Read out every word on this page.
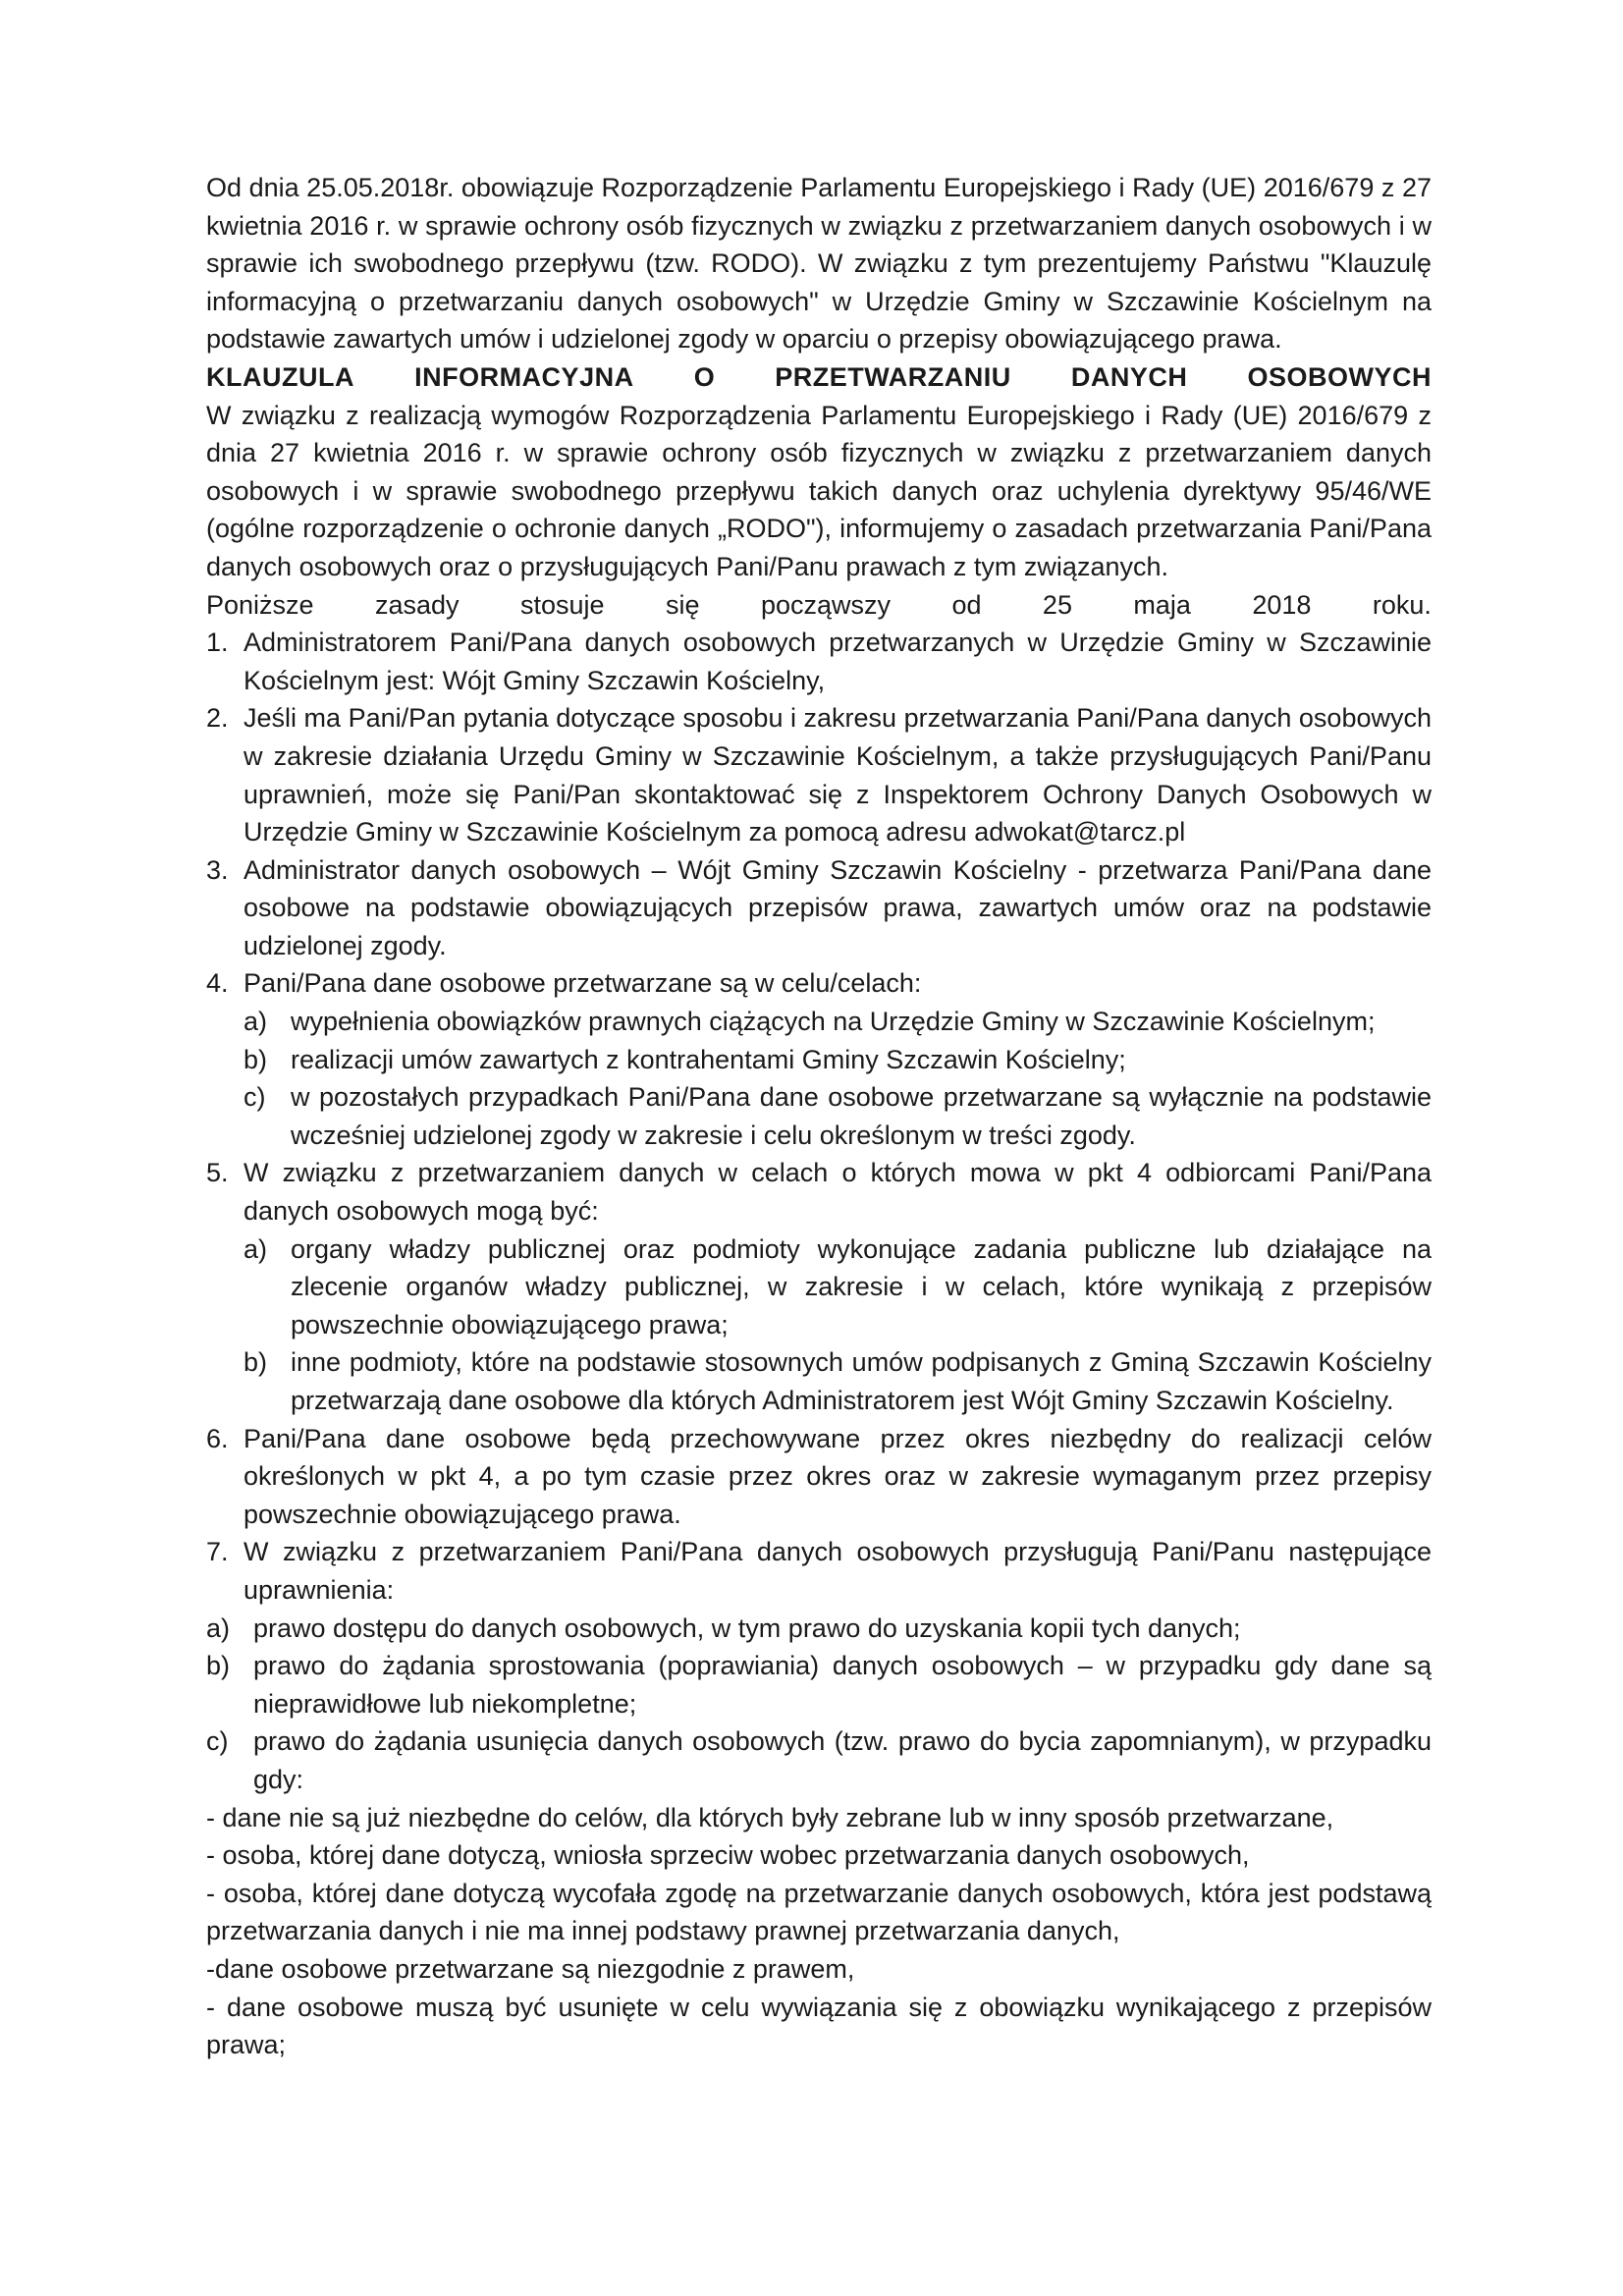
Od dnia 25.05.2018r. obowiązuje Rozporządzenie Parlamentu Europejskiego i Rady (UE) 2016/679 z 27 kwietnia 2016 r. w sprawie ochrony osób fizycznych w związku z przetwarzaniem danych osobowych i w sprawie ich swobodnego przepływu (tzw. RODO). W związku z tym prezentujemy Państwu "Klauzulę informacyjną o przetwarzaniu danych osobowych" w Urzędzie Gminy w Szczawinie Kościelnym na podstawie zawartych umów i udzielonej zgody w oparciu o przepisy obowiązującego prawa.

KLAUZULA INFORMACYJNA O PRZETWARZANIU DANYCH OSOBOWYCH

W związku z realizacją wymogów Rozporządzenia Parlamentu Europejskiego i Rady (UE) 2016/679 z dnia 27 kwietnia 2016 r. w sprawie ochrony osób fizycznych w związku z przetwarzaniem danych osobowych i w sprawie swobodnego przepływu takich danych oraz uchylenia dyrektywy 95/46/WE (ogólne rozporządzenie o ochronie danych „RODO"), informujemy o zasadach przetwarzania Pani/Pana danych osobowych oraz o przysługujących Pani/Panu prawach z tym związanych.

Poniższe zasady stosuje się począwszy od 25 maja 2018 roku.
1. Administratorem Pani/Pana danych osobowych przetwarzanych w Urzędzie Gminy w Szczawinie Kościelnym jest: Wójt Gminy Szczawin Kościelny,
2. Jeśli ma Pani/Pan pytania dotyczące sposobu i zakresu przetwarzania Pani/Pana danych osobowych w zakresie działania Urzędu Gminy w Szczawinie Kościelnym, a także przysługujących Pani/Panu uprawnień, może się Pani/Pan skontaktować się z Inspektorem Ochrony Danych Osobowych w Urzędzie Gminy w Szczawinie Kościelnym za pomocą adresu adwokat@tarcz.pl
3. Administrator danych osobowych – Wójt Gminy Szczawin Kościelny - przetwarza Pani/Pana dane osobowe na podstawie obowiązujących przepisów prawa, zawartych umów oraz na podstawie udzielonej zgody.
4. Pani/Pana dane osobowe przetwarzane są w celu/celach:
a) wypełnienia obowiązków prawnych ciążących na Urzędzie Gminy w Szczawinie Kościelnym;
b) realizacji umów zawartych z kontrahentami Gminy Szczawin Kościelny;
c) w pozostałych przypadkach Pani/Pana dane osobowe przetwarzane są wyłącznie na podstawie wcześniej udzielonej zgody w zakresie i celu określonym w treści zgody.
5. W związku z przetwarzaniem danych w celach o których mowa w pkt 4 odbiorcami Pani/Pana danych osobowych mogą być:
a) organy władzy publicznej oraz podmioty wykonujące zadania publiczne lub działające na zlecenie organów władzy publicznej, w zakresie i w celach, które wynikają z przepisów powszechnie obowiązującego prawa;
b) inne podmioty, które na podstawie stosownych umów podpisanych z Gminą Szczawin Kościelny przetwarzają dane osobowe dla których Administratorem jest Wójt Gminy Szczawin Kościelny.
6. Pani/Pana dane osobowe będą przechowywane przez okres niezbędny do realizacji celów określonych w pkt 4, a po tym czasie przez okres oraz w zakresie wymaganym przez przepisy powszechnie obowiązującego prawa.
7. W związku z przetwarzaniem Pani/Pana danych osobowych przysługują Pani/Panu następujące uprawnienia:
a) prawo dostępu do danych osobowych, w tym prawo do uzyskania kopii tych danych;
b) prawo do żądania sprostowania (poprawiania) danych osobowych – w przypadku gdy dane są nieprawidłowe lub niekompletne;
c) prawo do żądania usunięcia danych osobowych (tzw. prawo do bycia zapomnianym), w przypadku gdy:

- dane nie są już niezbędne do celów, dla których były zebrane lub w inny sposób przetwarzane,

- osoba, której dane dotyczą, wniosła sprzeciw wobec przetwarzania danych osobowych,

- osoba, której dane dotyczą wycofała zgodę na przetwarzanie danych osobowych, która jest podstawą przetwarzania danych i nie ma innej podstawy prawnej przetwarzania danych,

-dane osobowe przetwarzane są niezgodnie z prawem,

- dane osobowe muszą być usunięte w celu wywiązania się z obowiązku wynikającego z przepisów prawa;
